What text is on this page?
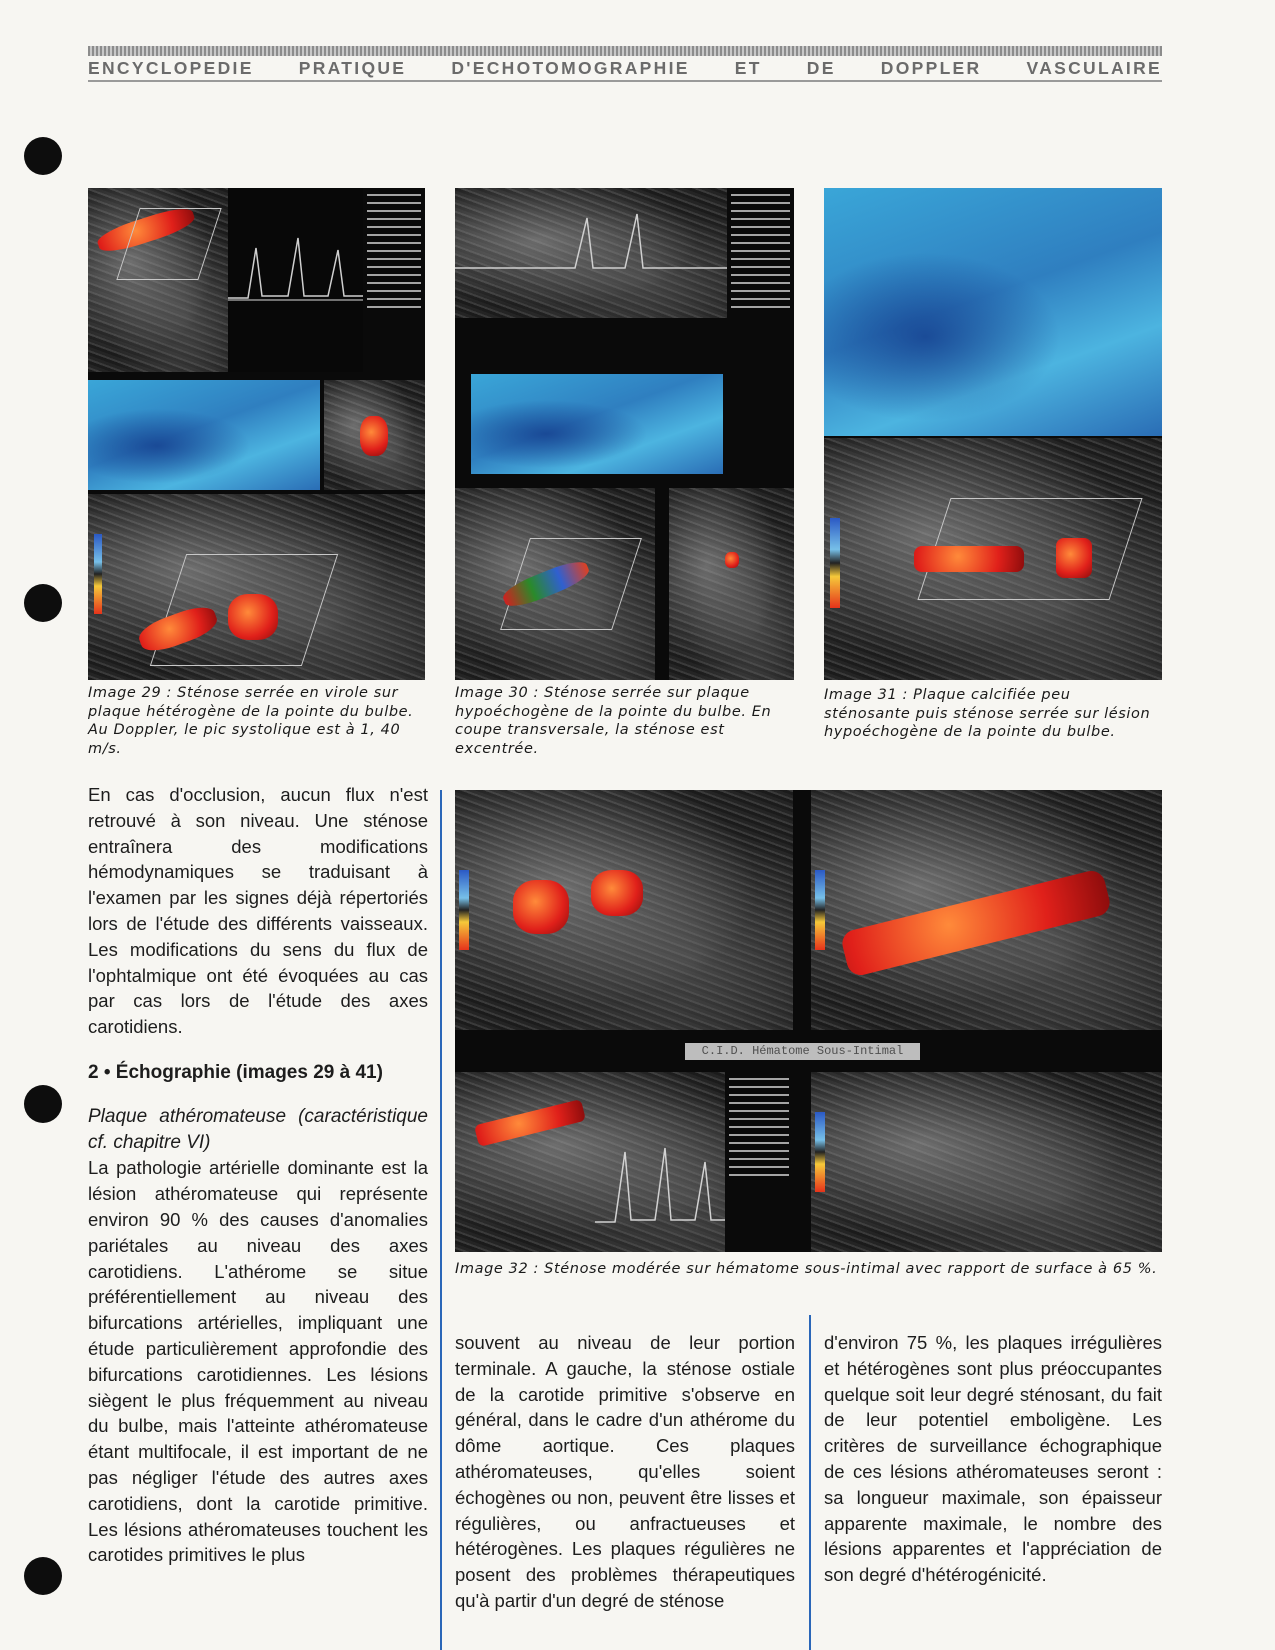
ENCYCLOPEDIE PRATIQUE D'ECHOTOMOGRAPHIE ET DE DOPPLER VASCULAIRE

Image 29 : Sténose serrée en virole sur plaque hétérogène de la pointe du bulbe. Au Doppler, le pic systolique est à 1, 40 m/s.

Image 30 : Sténose serrée sur plaque hypoéchogène de la pointe du bulbe. En coupe transversale, la sténose est excentrée.

Image 31 : Plaque calcifiée peu sténosante puis sténose serrée sur lésion hypoéchogène de la pointe du bulbe.

C.I.D. Hématome Sous-Intimal

Image 32 : Sténose modérée sur hématome sous-intimal avec rapport de surface à 65 %.

En cas d'occlusion, aucun flux n'est retrouvé à son niveau. Une sténose entraînera des modifications hémodynamiques se traduisant à l'examen par les signes déjà répertoriés lors de l'étude des différents vaisseaux. Les modifications du sens du flux de l'ophtalmique ont été évoquées au cas par cas lors de l'étude des axes carotidiens.

2 • Échographie (images 29 à 41)
Plaque athéromateuse (caractéristique cf. chapitre VI)

La pathologie artérielle dominante est la lésion athéromateuse qui représente environ 90 % des causes d'anomalies pariétales au niveau des axes carotidiens. L'athérome se situe préférentiellement au niveau des bifurcations artérielles, impliquant une étude particulièrement approfondie des bifurcations carotidiennes. Les lésions siègent le plus fréquemment au niveau du bulbe, mais l'atteinte athéromateuse étant multifocale, il est important de ne pas négliger l'étude des autres axes carotidiens, dont la carotide primitive. Les lésions athéromateuses touchent les carotides primitives le plus

souvent au niveau de leur portion terminale. A gauche, la sténose ostiale de la carotide primitive s'observe en général, dans le cadre d'un athérome du dôme aortique. Ces plaques athéromateuses, qu'elles soient échogènes ou non, peuvent être lisses et régulières, ou anfractueuses et hétérogènes. Les plaques régulières ne posent des problèmes thérapeutiques qu'à partir d'un degré de sténose

d'environ 75 %, les plaques irrégulières et hétérogènes sont plus préoccupantes quelque soit leur degré sténosant, du fait de leur potentiel emboligène. Les critères de surveillance échographique de ces lésions athéromateuses seront : sa longueur maximale, son épaisseur apparente maximale, le nombre des lésions apparentes et l'appréciation de son degré d'hétérogénicité.
